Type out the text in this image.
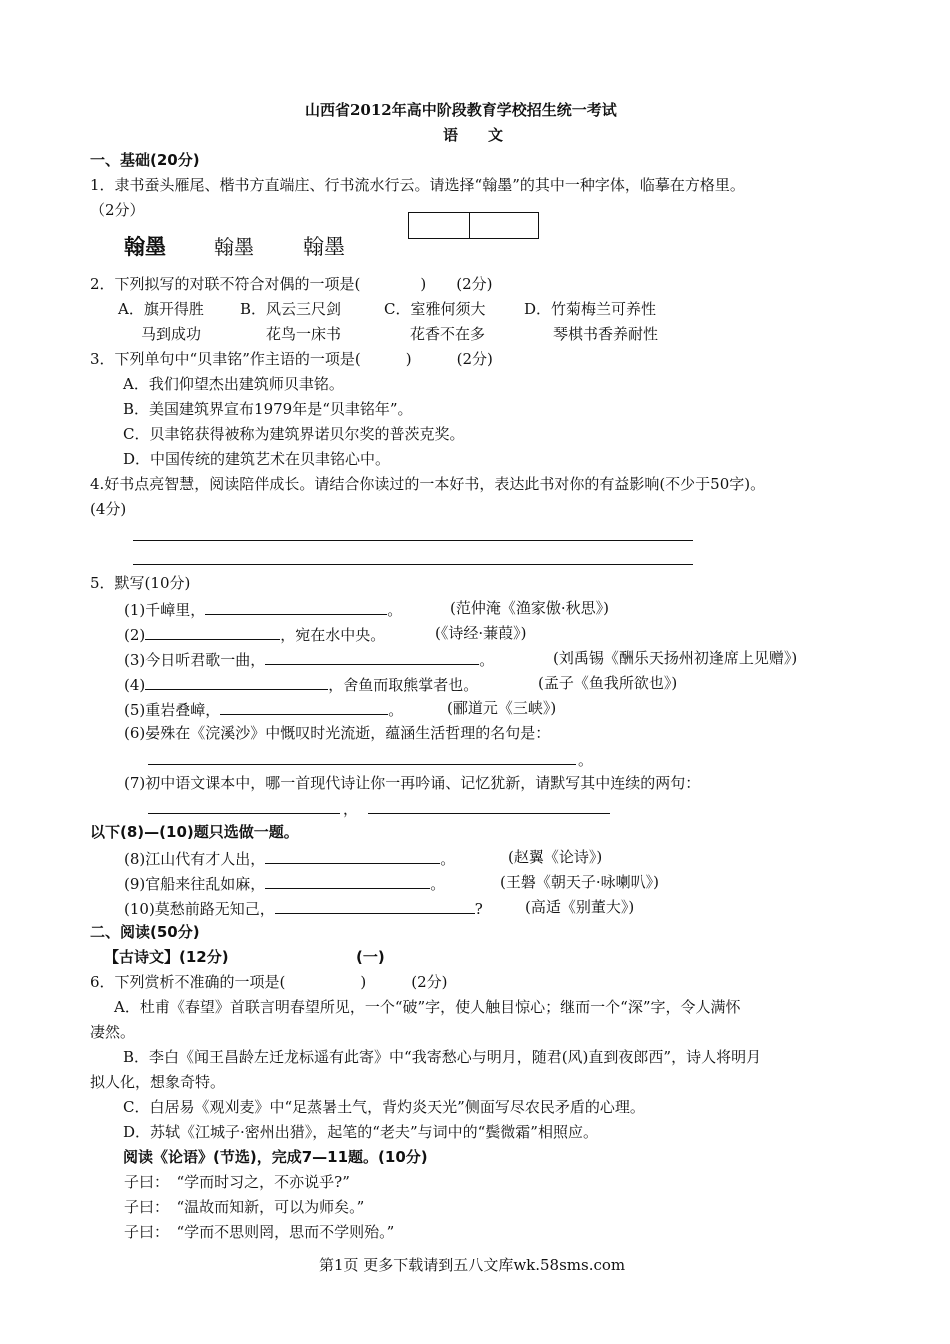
山西省2012年高中阶段教育学校招生统一考试
语　　文
一、基础(20分)
1．隶书蚕头雁尾、楷书方直端庄、行书流水行云。请选择“翰墨”的其中一种字体，临摹在方格里。
（2分）
翰墨 翰墨 翰墨
2．下列拟写的对联不符合对偶的一项是(　　　　)　　(2分)
A．旗开得胜 B．风云三尺剑	C．室雅何须大	D．竹菊梅兰可养性
马到成功	花鸟一床书	花香不在多	琴棋书香养耐性
3．下列单句中“贝聿铭”作主语的一项是(　　　)　　　(2分)
A．我们仰望杰出建筑师贝聿铭。
B．美国建筑界宣布1979年是“贝聿铭年”。
C．贝聿铭获得被称为建筑界诺贝尔奖的普茨克奖。
D．中国传统的建筑艺术在贝聿铭心中。
4.好书点亮智慧，阅读陪伴成长。请结合你读过的一本好书，表达此书对你的有益影响(不少于50字)。
(4分)
5．默写(10分)
(1)千嶂里，	。	(范仲淹《渔家傲·秋思》)
(2)	，宛在水中央。	(《诗经·蒹葭》)
(3)今日听君歌一曲，	。	(刘禹锡《酬乐天扬州初逢席上见赠》)
(4)	，舍鱼而取熊掌者也。	(孟子《鱼我所欲也》)
(5)重岩叠嶂，	。	(郦道元《三峡》)
(6)晏殊在《浣溪沙》中慨叹时光流逝，蕴涵生活哲理的名句是：
。
(7)初中语文课本中，哪一首现代诗让你一再吟诵、记忆犹新，请默写其中连续的两句：
，
以下(8)—(10)题只选做一题。
(8)江山代有才人出，	。	(赵翼《论诗》)
(9)官船来往乱如麻，	。	(王磐《朝天子·咏喇叭》)
(10)莫愁前路无知己，	?	(高适《别董大》)
二、阅读(50分)
【古诗文】(12分)	(一)
6．下列赏析不准确的一项是(　　　　　)　　　(2分)
A．杜甫《春望》首联言明春望所见，一个“破”字，使人触目惊心；继而一个“深”字，令人满怀
凄然。
B．李白《闻王昌龄左迁龙标遥有此寄》中“我寄愁心与明月，随君(风)直到夜郎西”，诗人将明月
拟人化，想象奇特。
C．白居易《观刈麦》中“足蒸暑土气，背灼炎天光”侧面写尽农民矛盾的心理。
D．苏轼《江城子·密州出猎》，起笔的“老夫”与词中的“鬓微霜”相照应。
阅读《论语》(节选)，完成7—11题。(10分)
子曰：　“学而时习之，不亦说乎?”
子曰：　“温故而知新，可以为师矣。”
子曰：　“学而不思则罔，思而不学则殆。”
第1页 更多下载请到五八文库wk.58sms.com
